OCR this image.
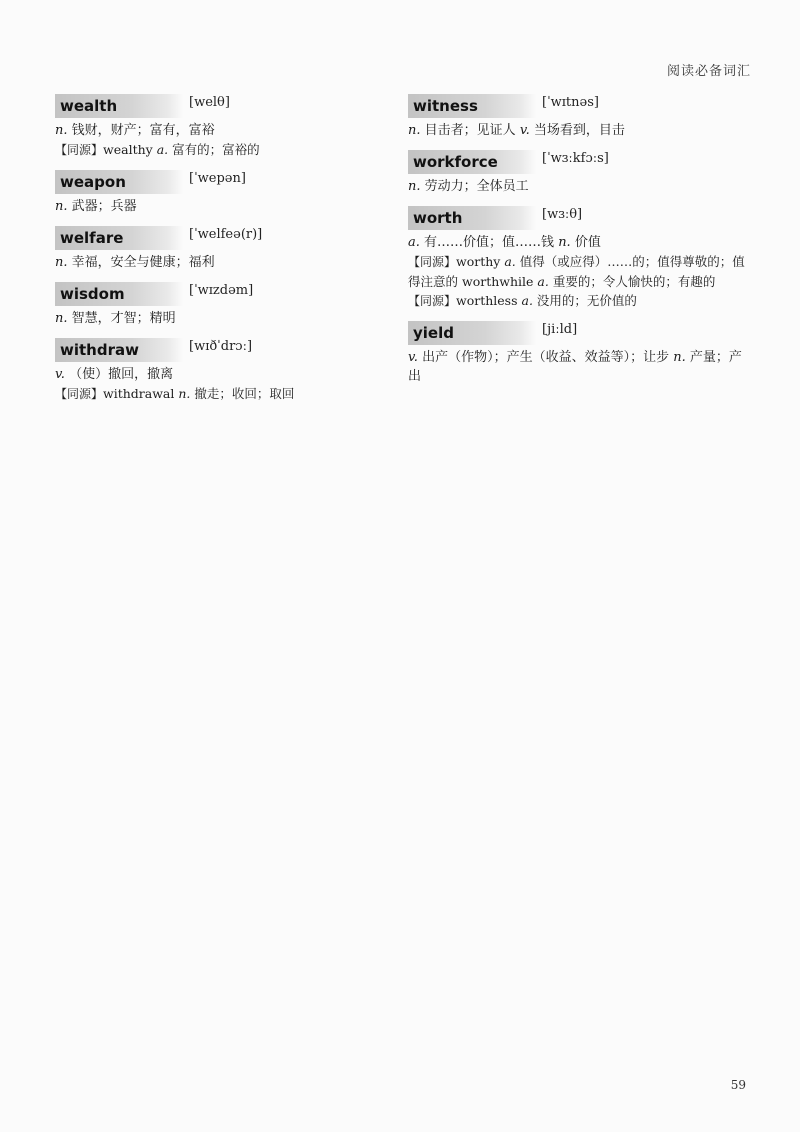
阅读必备词汇
wealth	[welθ]
n. 钱财，财产；富有，富裕
【同源】wealthy a. 富有的；富裕的
weapon	[ˈwepən]
n. 武器；兵器
welfare	[ˈwelfeə(r)]
n. 幸福，安全与健康；福利
wisdom	[ˈwɪzdəm]
n. 智慧，才智；精明
withdraw	[wɪðˈdrɔː]
v. （使）撤回，撤离
【同源】withdrawal n. 撤走；收回；取回
witness	[ˈwɪtnəs]
n. 目击者；见证人 v. 当场看到，目击
workforce	[ˈwɜːkfɔːs]
n. 劳动力；全体员工
worth	[wɜːθ]
a. 有……价值；值……钱 n. 价值
【同源】worthy a. 值得（或应得）……的；值得尊敬的；值得注意的 worthwhile a. 重要的；令人愉快的；有趣的
【同源】worthless a. 没用的；无价值的
yield	[jiːld]
v. 出产（作物）；产生（收益、效益等）；让步 n. 产量；产出
59
